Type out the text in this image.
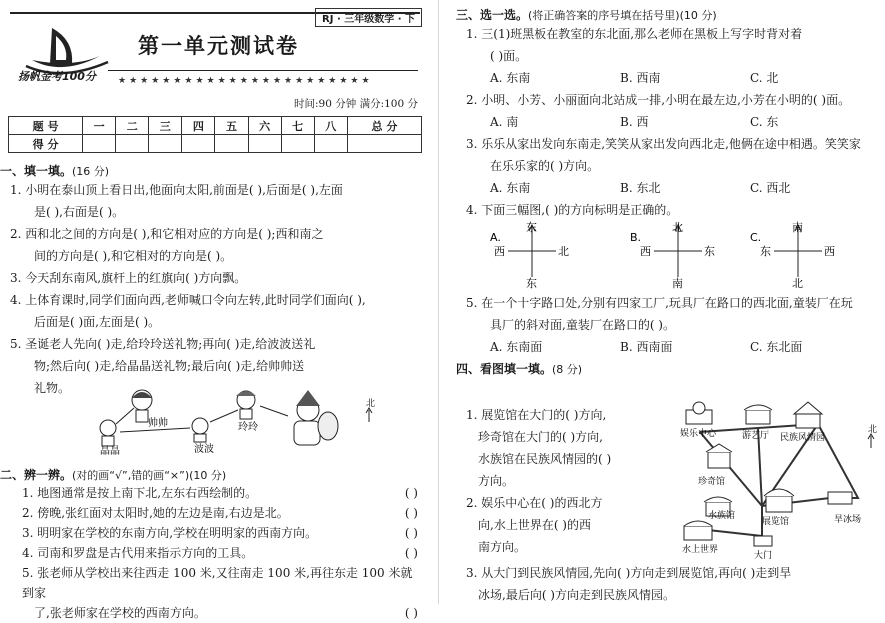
RJ · 三年级数学 · 下
扬帆金考100分
第一单元测试卷
★★★★★★★★★★★★★★★★★★★★★★★
时间:90 分钟 满分:100 分
题 号	一	二	三	四	五	六	七	八	总 分
得 分									
一、填一填。(16 分)
1. 小明在泰山顶上看日出,他面向太阳,前面是( ),后面是( ),左面
是( ),右面是( )。
2. 西和北之间的方向是( ),和它相对应的方向是( );西和南之
间的方向是( ),和它相对的方向是( )。
3. 今天刮东南风,旗杆上的红旗向( )方向飘。
4. 上体育课时,同学们面向西,老师喊口令向左转,此时同学们面向( ),
后面是( )面,左面是( )。
5. 圣诞老人先向( )走,给玲玲送礼物;再向( )走,给波波送礼
物;然后向( )走,给晶晶送礼物;最后向( )走,给帅帅送
礼物。
帅帅
晶晶	波波
玲玲
北
二、辨一辨。(对的画“√”,错的画“×”)(10 分)
1. 地图通常是按上南下北,左东右西绘制的。	( )
2. 傍晚,张红面对太阳时,她的左边是南,右边是北。	( )
3. 明明家在学校的东南方向,学校在明明家的西南方向。	( )
4. 司南和罗盘是古代用来指示方向的工具。	( )
5. 张老师从学校出来往西走 100 米,又往南走 100 米,再往东走 100 米就到家
了,张老师家在学校的西南方向。	( )
三、选一选。(将正确答案的序号填在括号里)(10 分)
1. 三(1)班黑板在教室的东北面,那么老师在黑板上写字时背对着
( )面。
A. 东南	B. 西南	C. 北
2. 小明、小芳、小丽面向北站成一排,小明在最左边,小芳在小明的( )面。
A. 南	B. 西	C. 东
3. 乐乐从家出发向东南走,笑笑从家出发向西北走,他俩在途中相遇。笑笑家
在乐乐家的( )方向。
A. 东南	B. 东北	C. 西北
4. 下面三幅图,( )的方向标明是正确的。
A.
东
西	北
东
B.
北
西	东
南
C.
南
东	西
北
5. 在一个十字路口处,分别有四家工厂,玩具厂在路口的西北面,童装厂在玩
具厂的斜对面,童装厂在路口的( )。
A. 东南面	B. 西南面	C. 东北面
四、看图填一填。(8 分)
1. 展览馆在大门的( )方向,
珍奇馆在大门的( )方向,
水族馆在民族风情园的( )
方向。
2. 娱乐中心在( )的西北方
向,水上世界在( )的西
南方向。
娱乐中心	游艺厅 民族风情园
珍奇馆
水族馆
展览馆	旱冰场
水上世界
大门
北
3. 从大门到民族风情园,先向( )方向走到展览馆,再向( )走到旱
冰场,最后向( )方向走到民族风情园。
